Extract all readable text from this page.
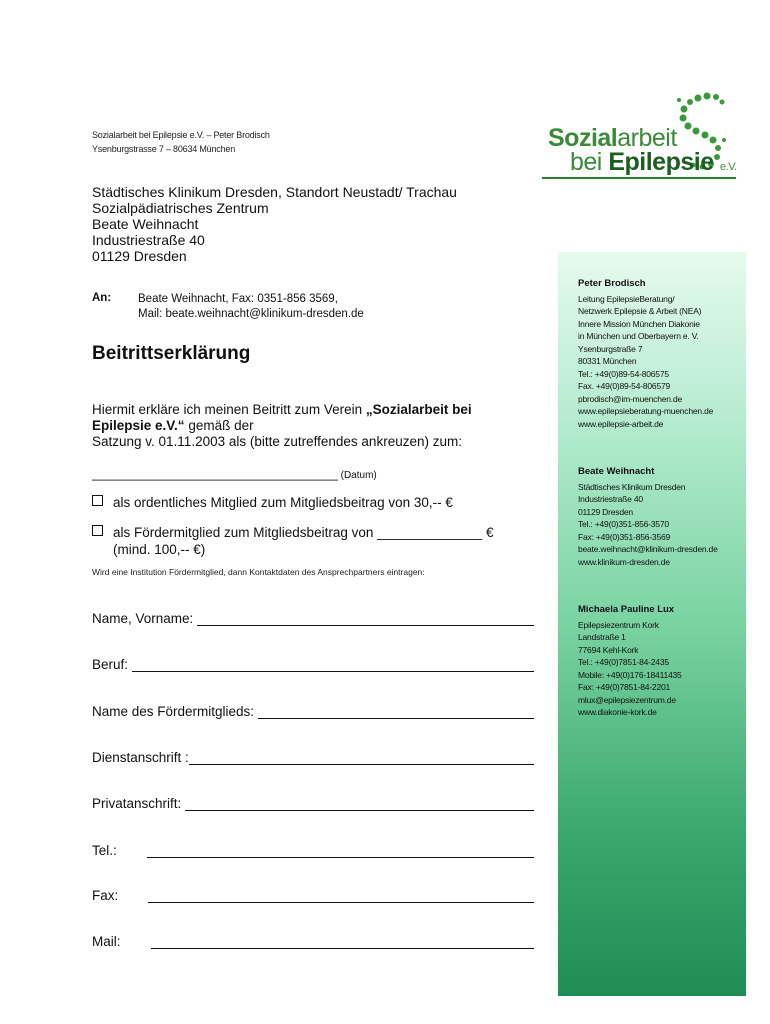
Sozialarbeit bei Epilepsie e.V. – Peter Brodisch
Ysenburgstrasse 7 – 80634 München	Sozialarbeit
bei Epilepsie e.V.
Städtisches Klinikum Dresden, Standort Neustadt/ Trachau
Sozialpädiatrisches Zentrum
Beate Weihnacht
Industriestraße 40
01129 Dresden
An: Beate Weihnacht, Fax: 0351-856 3569,
Mail: beate.weihnacht@klinikum-dresden.de
Beitrittserklärung
Hiermit erkläre ich meinen Beitritt zum Verein „Sozialarbeit bei Epilepsie e.V.“ gemäß der
Satzung v. 01.11.2003 als (bitte zutreffendes ankreuzen) zum:
__________________________________ (Datum)
als ordentliches Mitglied zum Mitgliedsbeitrag von 30,-- €
als Fördermitglied zum Mitgliedsbeitrag von ______________ €
(mind. 100,-- €)
Wird eine Institution Fördermitglied, dann Kontaktdaten des Ansprechpartners eintragen:
Name, Vorname:
Beruf:
Name des Fördermitglieds:
Dienstanschrift :
Privatanschrift:
Tel.:
Fax:
Mail:
Peter Brodisch
Leitung EpilepsieBeratung/
Netzwerk Epilepsie & Arbeit (NEA)
Innere Mission München Diakonie
in München und Oberbayern e. V.
Ysenburgstraße 7
80331 München
Tel.: +49(0)89-54-806575
Fax. +49(0)89-54-806579
pbrodisch@im-muenchen.de
www.epilepsieberatung-muenchen.de
www.epilepsie-arbeit.de
Beate Weihnacht
Städtisches Klinikum Dresden
Industriestraße 40
01129 Dresden
Tel.: +49(0)351-856-3570
Fax: +49(0)351-856-3569
beate.weihnacht@klinikum-dresden.de
www.klinikum-dresden.de
Michaela Pauline Lux
Epilepsiezentrum Kork
Landstraße 1
77694 Kehl-Kork
Tel.: +49(0)7851-84-2435
Mobile: +49(0)176-18411435
Fax: +49(0)7851-84-2201
mlux@epilepsiezentrum.de
www.diakonie-kork.de
